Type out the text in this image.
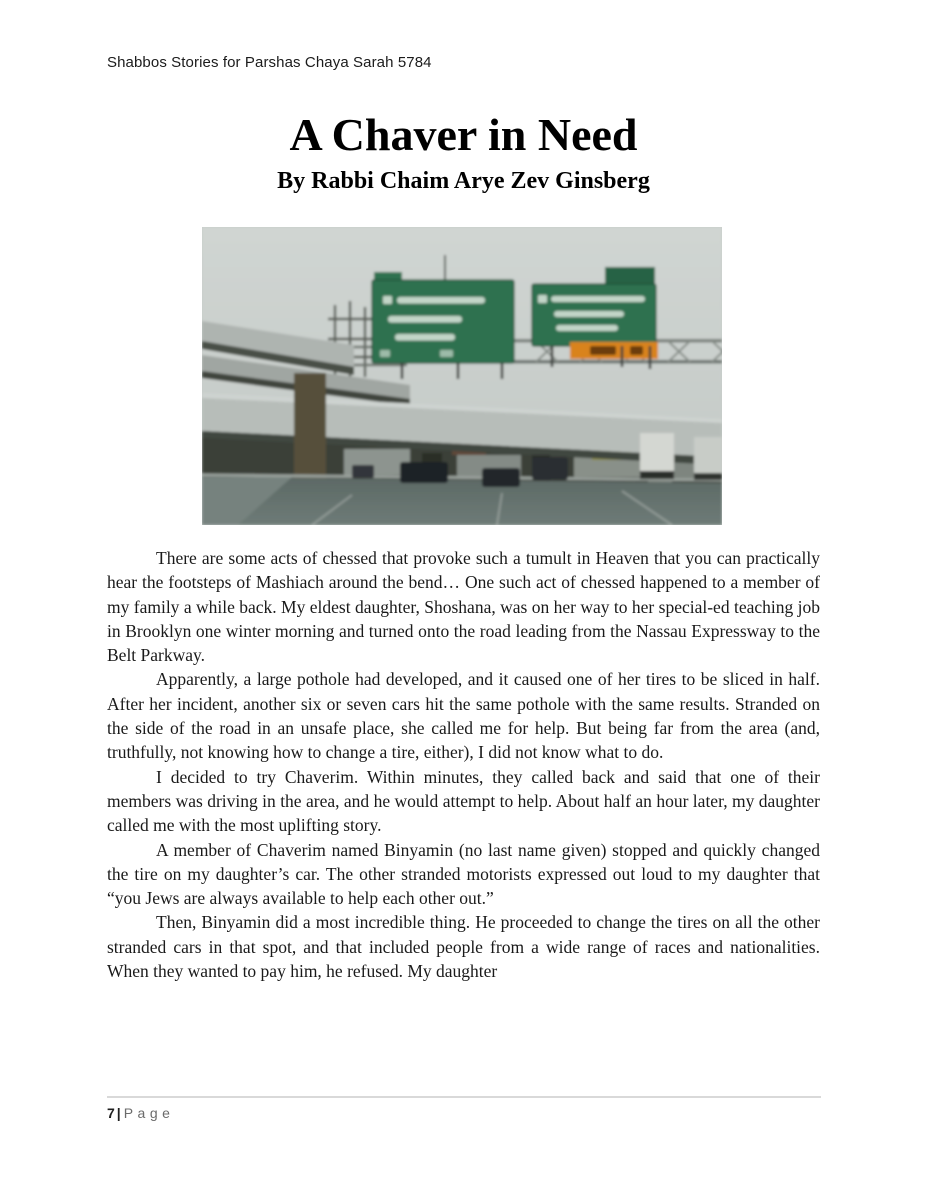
Shabbos Stories for Parshas Chaya Sarah 5784
A Chaver in Need
By Rabbi Chaim Arye Zev Ginsberg

There are some acts of chessed that provoke such a tumult in Heaven that you can practically hear the footsteps of Mashiach around the bend… One such act of chessed happened to a member of my family a while back. My eldest daughter, Shoshana, was on her way to her special-ed teaching job in Brooklyn one winter morning and turned onto the road leading from the Nassau Expressway to the Belt Parkway.

Apparently, a large pothole had developed, and it caused one of her tires to be sliced in half. After her incident, another six or seven cars hit the same pothole with the same results. Stranded on the side of the road in an unsafe place, she called me for help. But being far from the area (and, truthfully, not knowing how to change a tire, either), I did not know what to do.

I decided to try Chaverim. Within minutes, they called back and said that one of their members was driving in the area, and he would attempt to help. About half an hour later, my daughter called me with the most uplifting story.

A member of Chaverim named Binyamin (no last name given) stopped and quickly changed the tire on my daughter’s car. The other stranded motorists expressed out loud to my daughter that “you Jews are always available to help each other out.”

Then, Binyamin did a most incredible thing. He proceeded to change the tires on all the other stranded cars in that spot, and that included people from a wide range of races and nationalities. When they wanted to pay him, he refused. My daughter

7| Page
